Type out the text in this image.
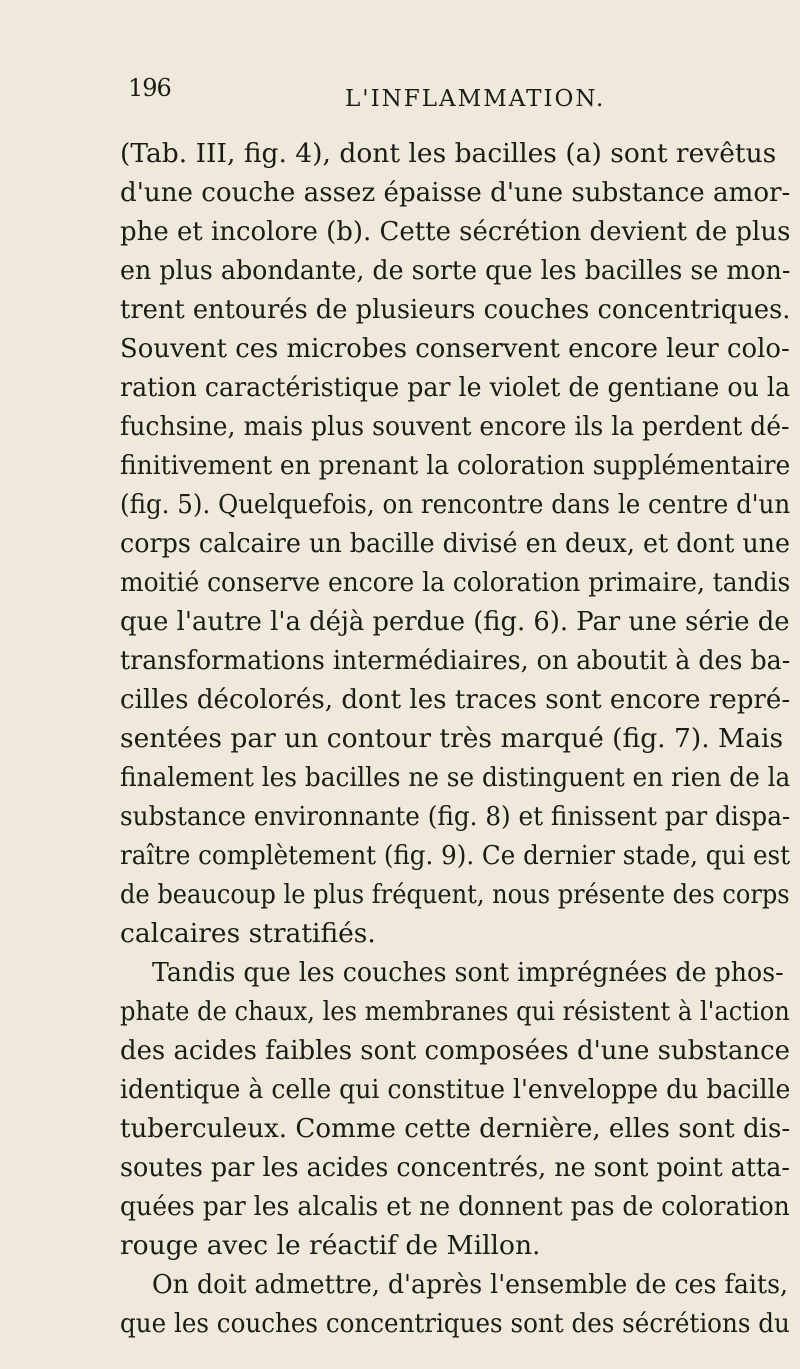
196	L'INFLAMMATION.
(Tab. III, fig. 4), dont les bacilles (a) sont revêtus
d'une couche assez épaisse d'une substance amor-
phe et incolore (b). Cette sécrétion devient de plus
en plus abondante, de sorte que les bacilles se mon-
trent entourés de plusieurs couches concentriques.
Souvent ces microbes conservent encore leur colo-
ration caractéristique par le violet de gentiane ou la
fuchsine, mais plus souvent encore ils la perdent dé-
finitivement en prenant la coloration supplémentaire
(fig. 5). Quelquefois, on rencontre dans le centre d'un
corps calcaire un bacille divisé en deux, et dont une
moitié conserve encore la coloration primaire, tandis
que l'autre l'a déjà perdue (fig. 6). Par une série de
transformations intermédiaires, on aboutit à des ba-
cilles décolorés, dont les traces sont encore repré-
sentées par un contour très marqué (fig. 7). Mais
finalement les bacilles ne se distinguent en rien de la
substance environnante (fig. 8) et finissent par dispa-
raître complètement (fig. 9). Ce dernier stade, qui est
de beaucoup le plus fréquent, nous présente des corps
calcaires stratifiés.
Tandis que les couches sont imprégnées de phos-
phate de chaux, les membranes qui résistent à l'action
des acides faibles sont composées d'une substance
identique à celle qui constitue l'enveloppe du bacille
tuberculeux. Comme cette dernière, elles sont dis-
soutes par les acides concentrés, ne sont point atta-
quées par les alcalis et ne donnent pas de coloration
rouge avec le réactif de Millon.
On doit admettre, d'après l'ensemble de ces faits,
que les couches concentriques sont des sécrétions du
